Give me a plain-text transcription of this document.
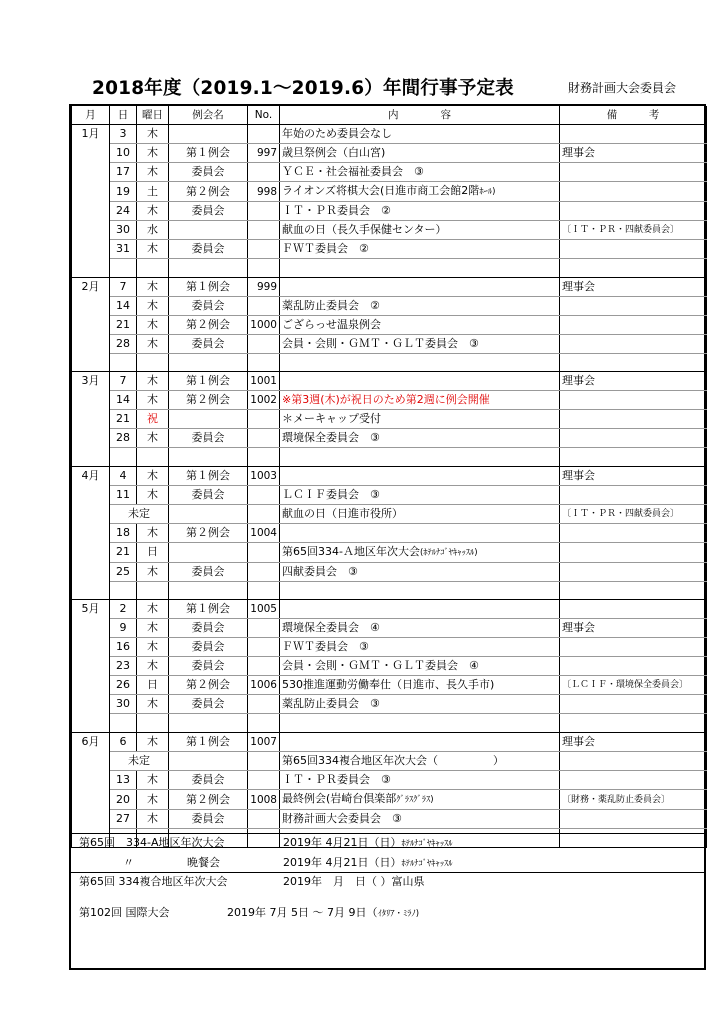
2018年度（2019.1～2019.6）年間行事予定表	財務計画大会委員会
月	日	曜日	例会名	No.	内　　　　容	備　　　考
1月	3	木			年始のため委員会なし	
	10	木	第１例会	997	歳旦祭例会（白山宮)	理事会
	17	木	委員会		ＹＣＥ・社会福祉委員会　③	
	19	土	第２例会	998	ライオンズ将棋大会(日進市商工会館2階ﾎｰﾙ)	
	24	木	委員会		ＩＴ・ＰＲ委員会　②	
	30	水			献血の日（長久手保健センター）	〔ＩＴ・ＰＲ・四献委員会〕
	31	木	委員会		ＦＷＴ委員会　②	

2月	7	木	第１例会	999		理事会
	14	木	委員会		薬乱防止委員会　②	
	21	木	第２例会	1000	ござらっせ温泉例会	
	28	木	委員会		会員・会則・ＧＭＴ・ＧＬＴ委員会　③	

3月	7	木	第１例会	1001		理事会
	14	木	第２例会	1002	※第3週(木)が祝日のため第2週に例会開催	
	21	祝			＊メーキャップ受付	
	28	木	委員会		環境保全委員会　③	

4月	4	木	第１例会	1003		理事会
	11	木	委員会		ＬＣＩＦ委員会　③	
	未定				献血の日（日進市役所）	〔ＩＴ・ＰＲ・四献委員会〕
	18	木	第２例会	1004		
	21	日			第65回334-Ａ地区年次大会(ﾎﾃﾙﾅｺﾞﾔｷｬｯｽﾙ)	
	25	木	委員会		四献委員会　③	

5月	2	木	第１例会	1005		
	9	木	委員会		環境保全委員会　④	理事会
	16	木	委員会		ＦＷＴ委員会　③	
	23	木	委員会		会員・会則・ＧＭＴ・ＧＬＴ委員会　④	
	26	日	第２例会	1006	530推進運動労働奉仕（日進市、長久手市)	〔ＬＣＩＦ・環境保全委員会〕
	30	木	委員会		薬乱防止委員会　③	

6月	6	木	第１例会	1007		理事会
	未定				第65回334複合地区年次大会（　　　　　）	
	13	木	委員会		ＩＴ・ＰＲ委員会　③	
	20	木	第２例会	1008	最終例会(岩崎台倶楽部ｸﾞﾗｽｸﾞﾗｽ)	〔財務・薬乱防止委員会〕
	27	木	委員会		財務計画大会委員会　③	

第65回　334-A地区年次大会	2019年 4月21日（日）ﾎﾃﾙﾅｺﾞﾔｷｬｯｽﾙ
〃	晩餐会	2019年 4月21日（日）ﾎﾃﾙﾅｺﾞﾔｷｬｯｽﾙ
第65回 334複合地区年次大会	2019年　月　日（ ）富山県
第102回 国際大会	2019年 7月 5日 ～ 7月 9日（ｲﾀﾘｱ・ﾐﾗﾉ)
